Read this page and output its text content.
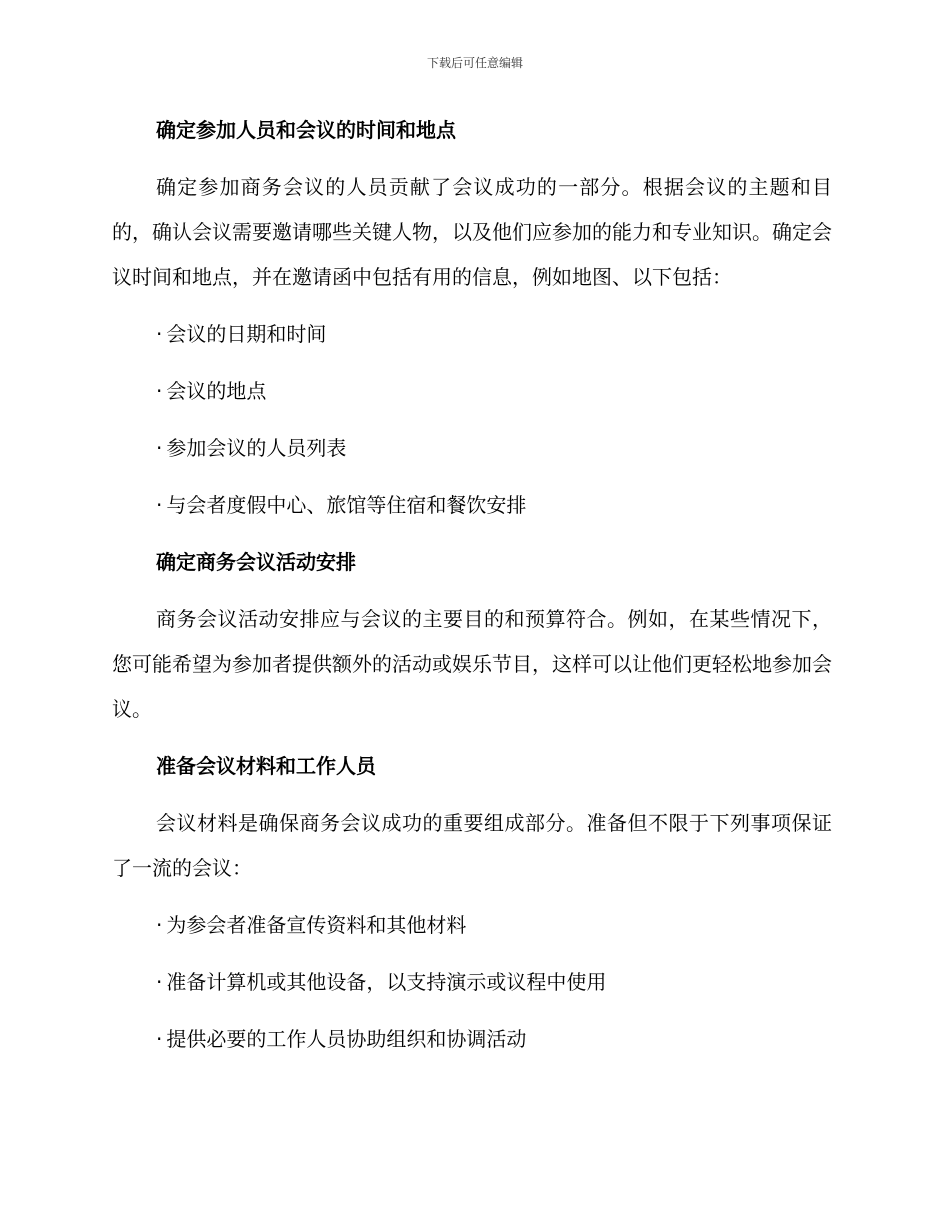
下载后可任意编辑
确定参加人员和会议的时间和地点
确定参加商务会议的人员贡献了会议成功的一部分。根据会议的主题和目的，确认会议需要邀请哪些关键人物，以及他们应参加的能力和专业知识。确定会议时间和地点，并在邀请函中包括有用的信息，例如地图、以下包括：
· 会议的日期和时间
· 会议的地点
· 参加会议的人员列表
· 与会者度假中心、旅馆等住宿和餐饮安排
确定商务会议活动安排
商务会议活动安排应与会议的主要目的和预算符合。例如，在某些情况下，您可能希望为参加者提供额外的活动或娱乐节目，这样可以让他们更轻松地参加会议。
准备会议材料和工作人员
会议材料是确保商务会议成功的重要组成部分。准备但不限于下列事项保证了一流的会议：
· 为参会者准备宣传资料和其他材料
· 准备计算机或其他设备，以支持演示或议程中使用
· 提供必要的工作人员协助组织和协调活动
